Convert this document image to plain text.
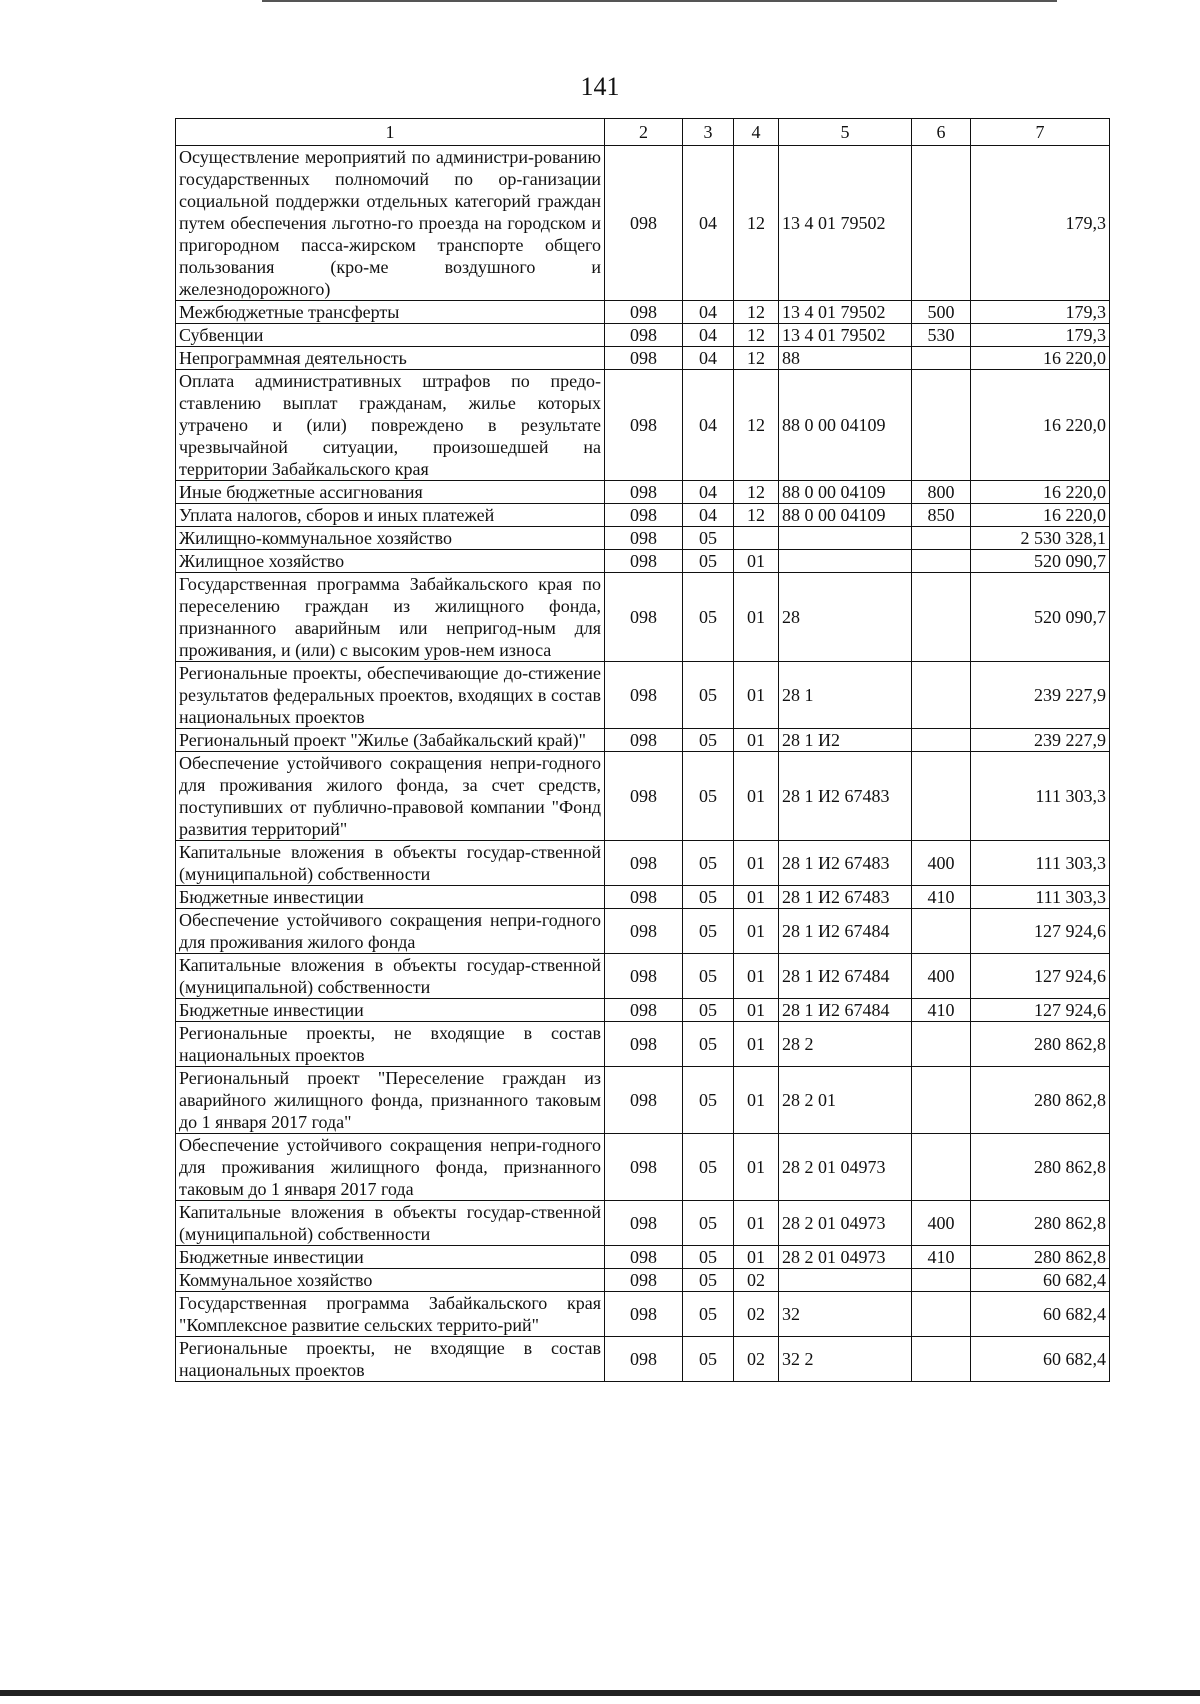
141
1	2	3	4	5	6	7
Осуществление мероприятий по администри-рованию государственных полномочий по ор-ганизации социальной поддержки отдельных категорий граждан путем обеспечения льготно-го проезда на городском и пригородном пасса-жирском транспорте общего пользования (кро-ме воздушного и железнодорожного)	098	04	12	13 4 01 79502		179,3
Межбюджетные трансферты	098	04	12	13 4 01 79502	500	179,3
Субвенции	098	04	12	13 4 01 79502	530	179,3
Непрограммная деятельность	098	04	12	88		16 220,0
Оплата административных штрафов по предо-ставлению выплат гражданам, жилье которых утрачено и (или) повреждено в результате чрезвычайной ситуации, произошедшей на территории Забайкальского края	098	04	12	88 0 00 04109		16 220,0
Иные бюджетные ассигнования	098	04	12	88 0 00 04109	800	16 220,0
Уплата налогов, сборов и иных платежей	098	04	12	88 0 00 04109	850	16 220,0
Жилищно-коммунальное хозяйство	098	05				2 530 328,1
Жилищное хозяйство	098	05	01			520 090,7
Государственная программа Забайкальского края по переселению граждан из жилищного фонда, признанного аварийным или непригод-ным для проживания, и (или) с высоким уров-нем износа	098	05	01	28		520 090,7
Региональные проекты, обеспечивающие до-стижение результатов федеральных проектов, входящих в состав национальных проектов	098	05	01	28 1		239 227,9
Региональный проект "Жилье (Забайкальский край)"	098	05	01	28 1 И2		239 227,9
Обеспечение устойчивого сокращения непри-годного для проживания жилого фонда, за счет средств, поступивших от публично-правовой компании "Фонд развития территорий"	098	05	01	28 1 И2 67483		111 303,3
Капитальные вложения в объекты государ-ственной (муниципальной) собственности	098	05	01	28 1 И2 67483	400	111 303,3
Бюджетные инвестиции	098	05	01	28 1 И2 67483	410	111 303,3
Обеспечение устойчивого сокращения непри-годного для проживания жилого фонда	098	05	01	28 1 И2 67484		127 924,6
Капитальные вложения в объекты государ-ственной (муниципальной) собственности	098	05	01	28 1 И2 67484	400	127 924,6
Бюджетные инвестиции	098	05	01	28 1 И2 67484	410	127 924,6
Региональные проекты, не входящие в состав национальных проектов	098	05	01	28 2		280 862,8
Региональный проект "Переселение граждан из аварийного жилищного фонда, признанного таковым до 1 января 2017 года"	098	05	01	28 2 01		280 862,8
Обеспечение устойчивого сокращения непри-годного для проживания жилищного фонда, признанного таковым до 1 января 2017 года	098	05	01	28 2 01 04973		280 862,8
Капитальные вложения в объекты государ-ственной (муниципальной) собственности	098	05	01	28 2 01 04973	400	280 862,8
Бюджетные инвестиции	098	05	01	28 2 01 04973	410	280 862,8
Коммунальное хозяйство	098	05	02			60 682,4
Государственная программа Забайкальского края "Комплексное развитие сельских террито-рий"	098	05	02	32		60 682,4
Региональные проекты, не входящие в состав национальных проектов	098	05	02	32 2		60 682,4
